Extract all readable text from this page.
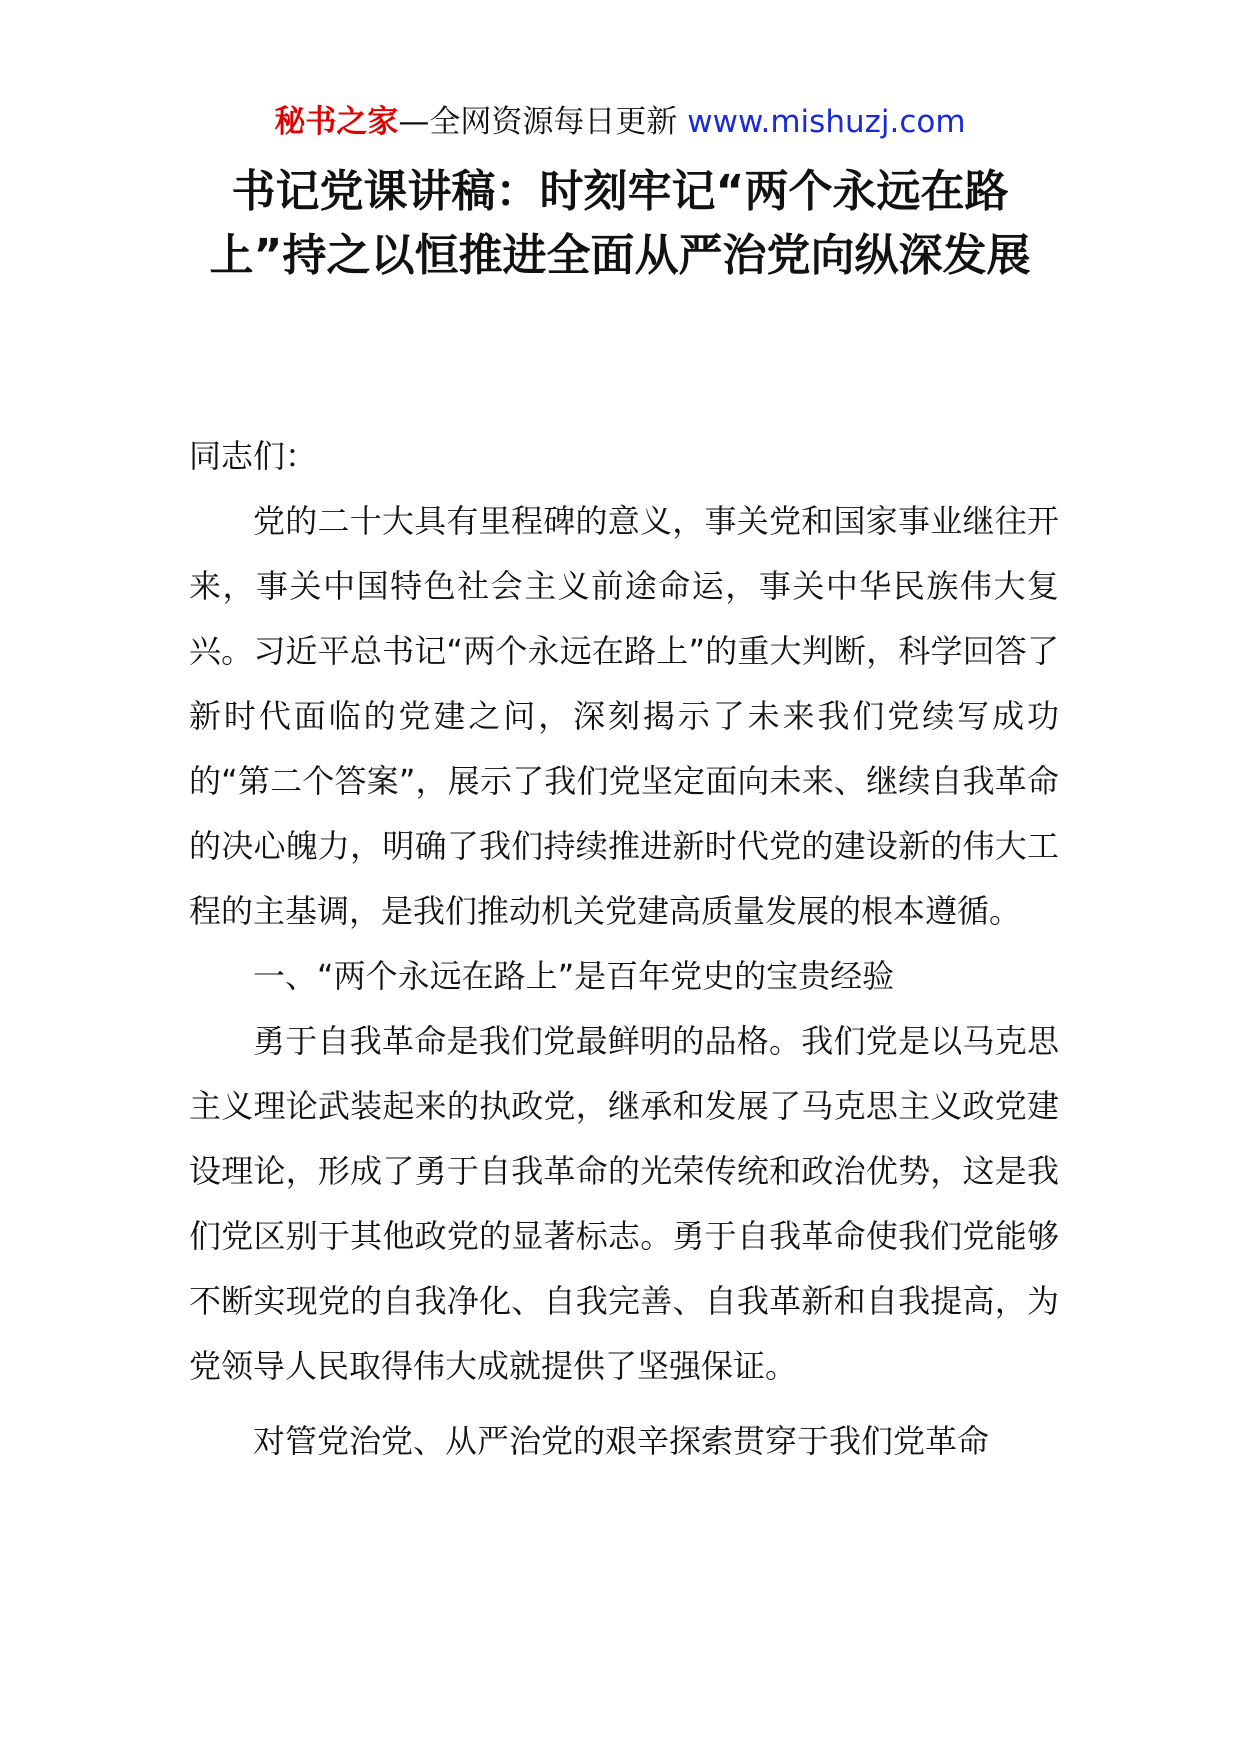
秘书之家—全网资源每日更新 www.mishuzj.com
书记党课讲稿：时刻牢记“两个永远在路上”持之以恒推进全面从严治党向纵深发展

同志们：

党的二十大具有里程碑的意义，事关党和国家事业继往开来，事关中国特色社会主义前途命运，事关中华民族伟大复兴。习近平总书记“两个永远在路上”的重大判断，科学回答了新时代面临的党建之问，深刻揭示了未来我们党续写成功的“第二个答案”，展示了我们党坚定面向未来、继续自我革命的决心魄力，明确了我们持续推进新时代党的建设新的伟大工程的主基调，是我们推动机关党建高质量发展的根本遵循。

一、“两个永远在路上”是百年党史的宝贵经验

勇于自我革命是我们党最鲜明的品格。我们党是以马克思主义理论武装起来的执政党，继承和发展了马克思主义政党建设理论，形成了勇于自我革命的光荣传统和政治优势，这是我们党区别于其他政党的显著标志。勇于自我革命使我们党能够不断实现党的自我净化、自我完善、自我革新和自我提高，为党领导人民取得伟大成就提供了坚强保证。

对管党治党、从严治党的艰辛探索贯穿于我们党革命
